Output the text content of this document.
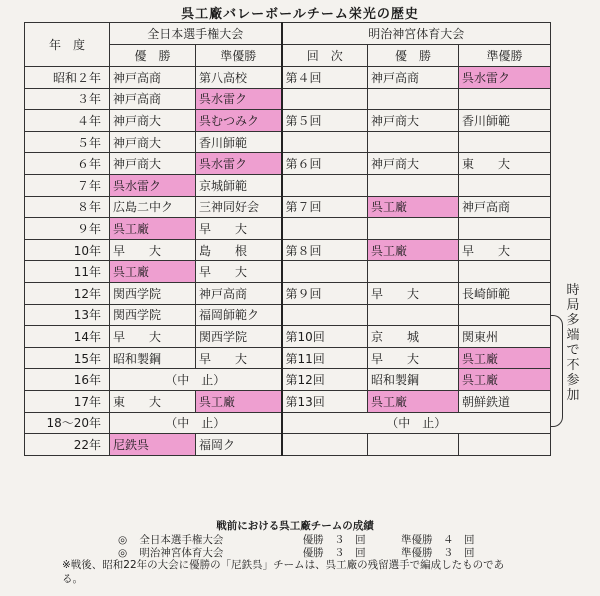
呉工廠バレーボールチーム栄光の歴史
年　度	全日本選手権大会		明治神宮体育大会		
	優　勝	準優勝	回　次	優　勝	準優勝
昭和２年	神戸高商	第八高校	第４回	神戸高商	呉水雷ク
３年	神戸高商	呉水雷ク			
４年	神戸商大	呉むつみク	第５回	神戸商大	香川師範
５年	神戸商大	香川師範			
６年	神戸商大	呉水雷ク	第６回	神戸商大	東　　大
７年	呉水雷ク	京城師範			
８年	広島二中ク	三神同好会	第７回	呉工廠	神戸高商
９年	呉工廠	早　　大			
10年	早　　大	島　　根	第８回	呉工廠	早　　大
11年	呉工廠	早　　大			
12年	関西学院	神戸高商	第９回	早　　大	長崎師範
13年	関西学院	福岡師範ク			
14年	早　　大	関西学院	第10回	京　　城	関東州
15年	昭和製鋼	早　　大	第11回	早　　大	呉工廠
16年	（中　止）		第12回	昭和製鋼	呉工廠
17年	東　　大	呉工廠	第13回	呉工廠	朝鮮鉄道
18～20年	（中　止）		（中　止）		
22年	尼鉄呉	福岡ク			
時
局
多
端
で
不
参
加
戦前における呉工廠チームの成績
◎ 全日本選手権大会	優勝　３　回	準優勝　４　回
◎ 明治神宮体育大会	優勝　３　回	準優勝　３　回
※戦後、昭和22年の大会に優勝の「尼鉄呉」チームは、呉工廠の残留選手で編成したものである。
